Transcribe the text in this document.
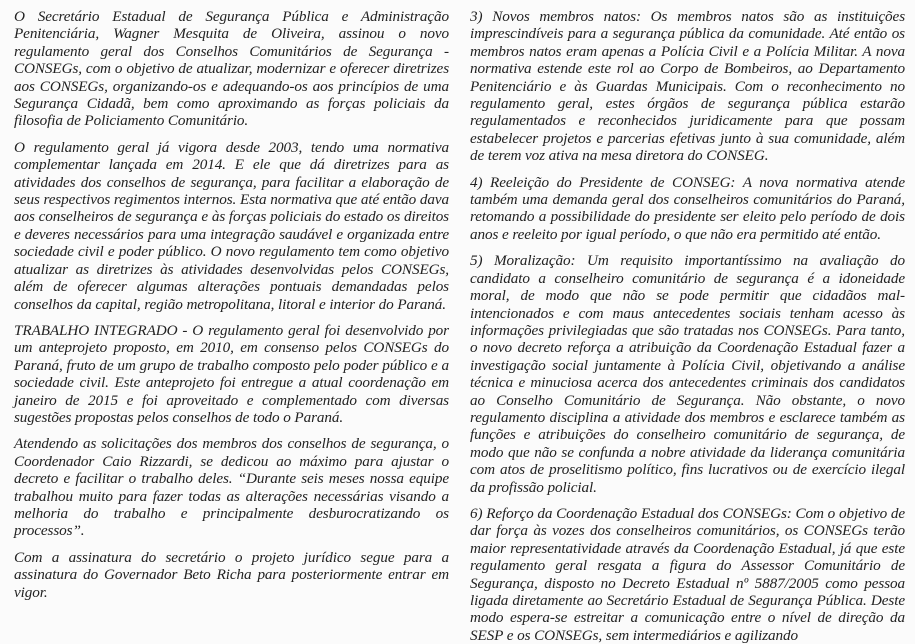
O Secretário Estadual de Segurança Pública e Administração Penitenciária, Wagner Mesquita de Oliveira, assinou o novo regulamento geral dos Conselhos Comunitários de Segurança - CONSEGs, com o objetivo de atualizar, modernizar e oferecer diretrizes aos CONSEGs, organizando-os e adequando-os aos princípios de uma Segurança Cidadã, bem como aproximando as forças policiais da filosofia de Policiamento Comunitário.

O regulamento geral já vigora desde 2003, tendo uma normativa complementar lançada em 2014. E ele que dá diretrizes para as atividades dos conselhos de segurança, para facilitar a elaboração de seus respectivos regimentos internos. Esta normativa que até então dava aos conselheiros de segurança e às forças policiais do estado os direitos e deveres necessários para uma integração saudável e organizada entre sociedade civil e poder público. O novo regulamento tem como objetivo atualizar as diretrizes às atividades desenvolvidas pelos CONSEGs, além de oferecer algumas alterações pontuais demandadas pelos conselhos da capital, região metropolitana, litoral e interior do Paraná.

TRABALHO INTEGRADO - O regulamento geral foi desenvolvido por um anteprojeto proposto, em 2010, em consenso pelos CONSEGs do Paraná, fruto de um grupo de trabalho composto pelo poder público e a sociedade civil. Este anteprojeto foi entregue a atual coordenação em janeiro de 2015 e foi aproveitado e complementado com diversas sugestões propostas pelos conselhos de todo o Paraná.

Atendendo as solicitações dos membros dos conselhos de segurança, o Coordenador Caio Rizzardi, se dedicou ao máximo para ajustar o decreto e facilitar o trabalho deles. “Durante seis meses nossa equipe trabalhou muito para fazer todas as alterações necessárias visando a melhoria do trabalho e principalmente desburocratizando os processos”.

Com a assinatura do secretário o projeto jurídico segue para a assinatura do Governador Beto Richa para posteriormente entrar em vigor.

3) Novos membros natos: Os membros natos são as instituições imprescindíveis para a segurança pública da comunidade. Até então os membros natos eram apenas a Polícia Civil e a Polícia Militar. A nova normativa estende este rol ao Corpo de Bombeiros, ao Departamento Penitenciário e às Guardas Municipais. Com o reconhecimento no regulamento geral, estes órgãos de segurança pública estarão regulamentados e reconhecidos juridicamente para que possam estabelecer projetos e parcerias efetivas junto à sua comunidade, além de terem voz ativa na mesa diretora do CONSEG.

4) Reeleição do Presidente de CONSEG: A nova normativa atende também uma demanda geral dos conselheiros comunitários do Paraná, retomando a possibilidade do presidente ser eleito pelo período de dois anos e reeleito por igual período, o que não era permitido até então.

5) Moralização: Um requisito importantíssimo na avaliação do candidato a conselheiro comunitário de segurança é a idoneidade moral, de modo que não se pode permitir que cidadãos mal-intencionados e com maus antecedentes sociais tenham acesso às informações privilegiadas que são tratadas nos CONSEGs. Para tanto, o novo decreto reforça a atribuição da Coordenação Estadual fazer a investigação social juntamente à Polícia Civil, objetivando a análise técnica e minuciosa acerca dos antecedentes criminais dos candidatos ao Conselho Comunitário de Segurança. Não obstante, o novo regulamento disciplina a atividade dos membros e esclarece também as funções e atribuições do conselheiro comunitário de segurança, de modo que não se confunda a nobre atividade da liderança comunitária com atos de proselitismo político, fins lucrativos ou de exercício ilegal da profissão policial.

6) Reforço da Coordenação Estadual dos CONSEGs: Com o objetivo de dar força às vozes dos conselheiros comunitários, os CONSEGs terão maior representatividade através da Coordenação Estadual, já que este regulamento geral resgata a figura do Assessor Comunitário de Segurança, disposto no Decreto Estadual nº 5887/2005 como pessoa ligada diretamente ao Secretário Estadual de Segurança Pública. Deste modo espera-se estreitar a comunicação entre o nível de direção da SESP e os CONSEGs, sem intermediários e agilizando
